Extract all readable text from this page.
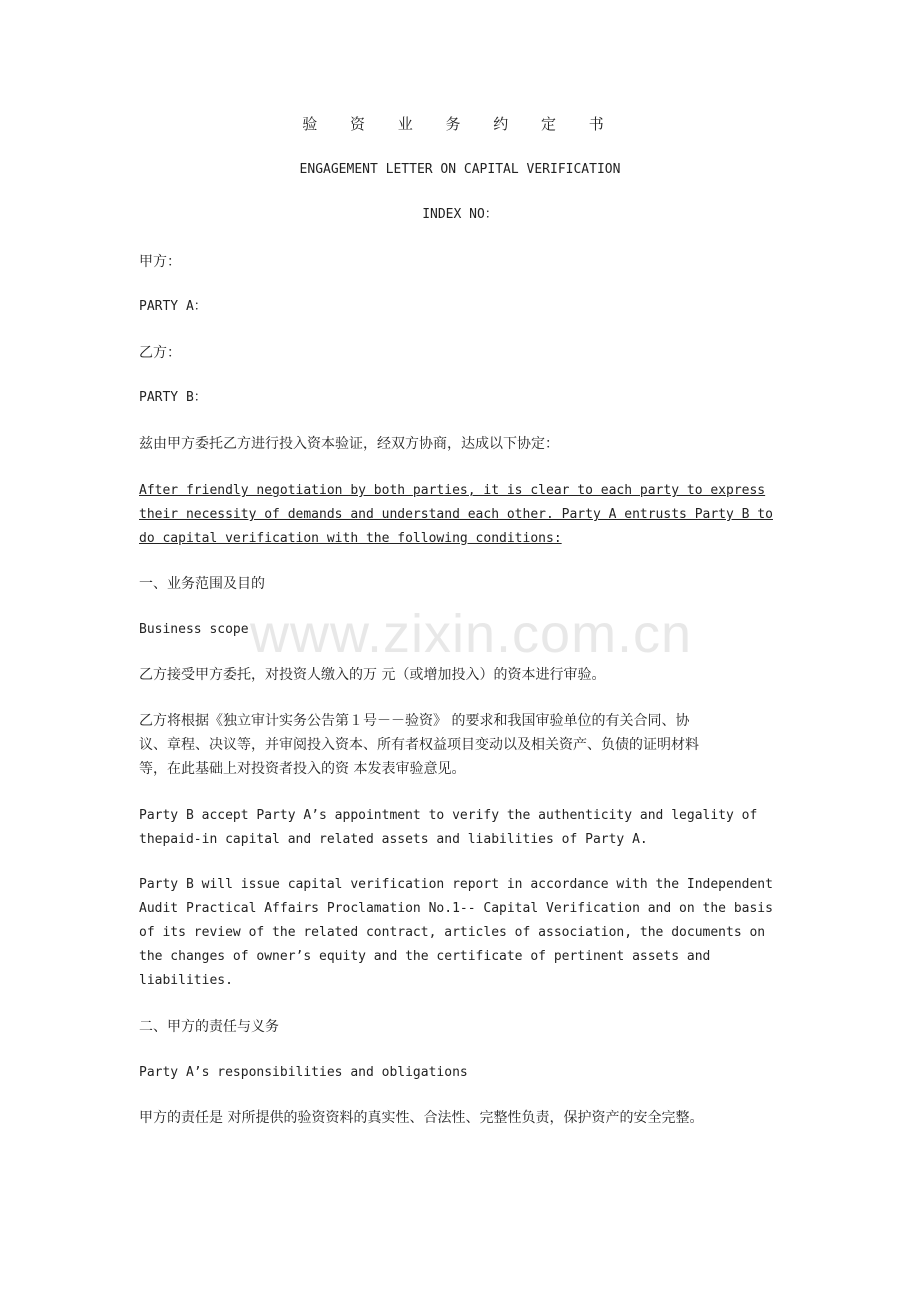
验 资 业 务 约 定 书
ENGAGEMENT LETTER ON CAPITAL VERIFICATION
INDEX NO：
甲方：
PARTY A：
乙方：
PARTY B：
兹由甲方委托乙方进行投入资本验证，经双方协商，达成以下协定：
After friendly negotiation by both parties, it is clear to each party to express
their necessity of demands and understand each other. Party A entrusts Party B to
do capital verification with the following conditions:
一、业务范围及目的
Business scope
乙方接受甲方委托，对投资人缴入的万 元（或增加投入）的资本进行审验。
乙方将根据《独立审计实务公告第１号－－验资》 的要求和我国审验单位的有关合同、协
议、章程、决议等，并审阅投入资本、所有者权益项目变动以及相关资产、负债的证明材料
等，在此基础上对投资者投入的资 本发表审验意见。
Party B accept Party A’s appointment to verify the authenticity and legality of
thepaid-in capital and related assets and liabilities of Party A.
Party B will issue capital verification report in accordance with the Independent
Audit Practical Affairs Proclamation No.1-- Capital Verification and on the basis
of its review of the related contract, articles of association, the documents on
the changes of owner’s equity and the certificate of pertinent assets and
liabilities.
二、甲方的责任与义务
Party A’s responsibilities and obligations
甲方的责任是 对所提供的验资资料的真实性、合法性、完整性负责，保护资产的安全完整。
www.zixin.com.cn
